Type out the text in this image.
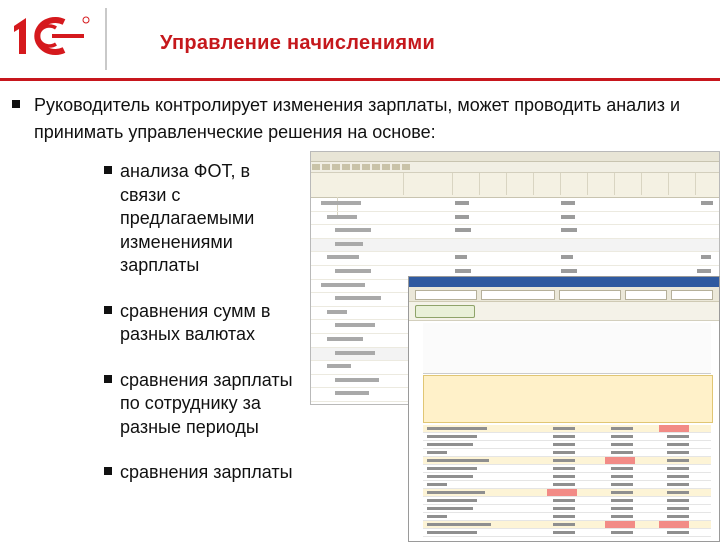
Управление начислениями
Руководитель контролирует изменения зарплаты, может проводить анализ и принимать управленческие решения на основе:
анализа ФОТ, в связи с предлагаемыми изменениями зарплаты
сравнения сумм в разных валютах
сравнения зарплаты по сотруднику за разные периоды
сравнения зарплаты
